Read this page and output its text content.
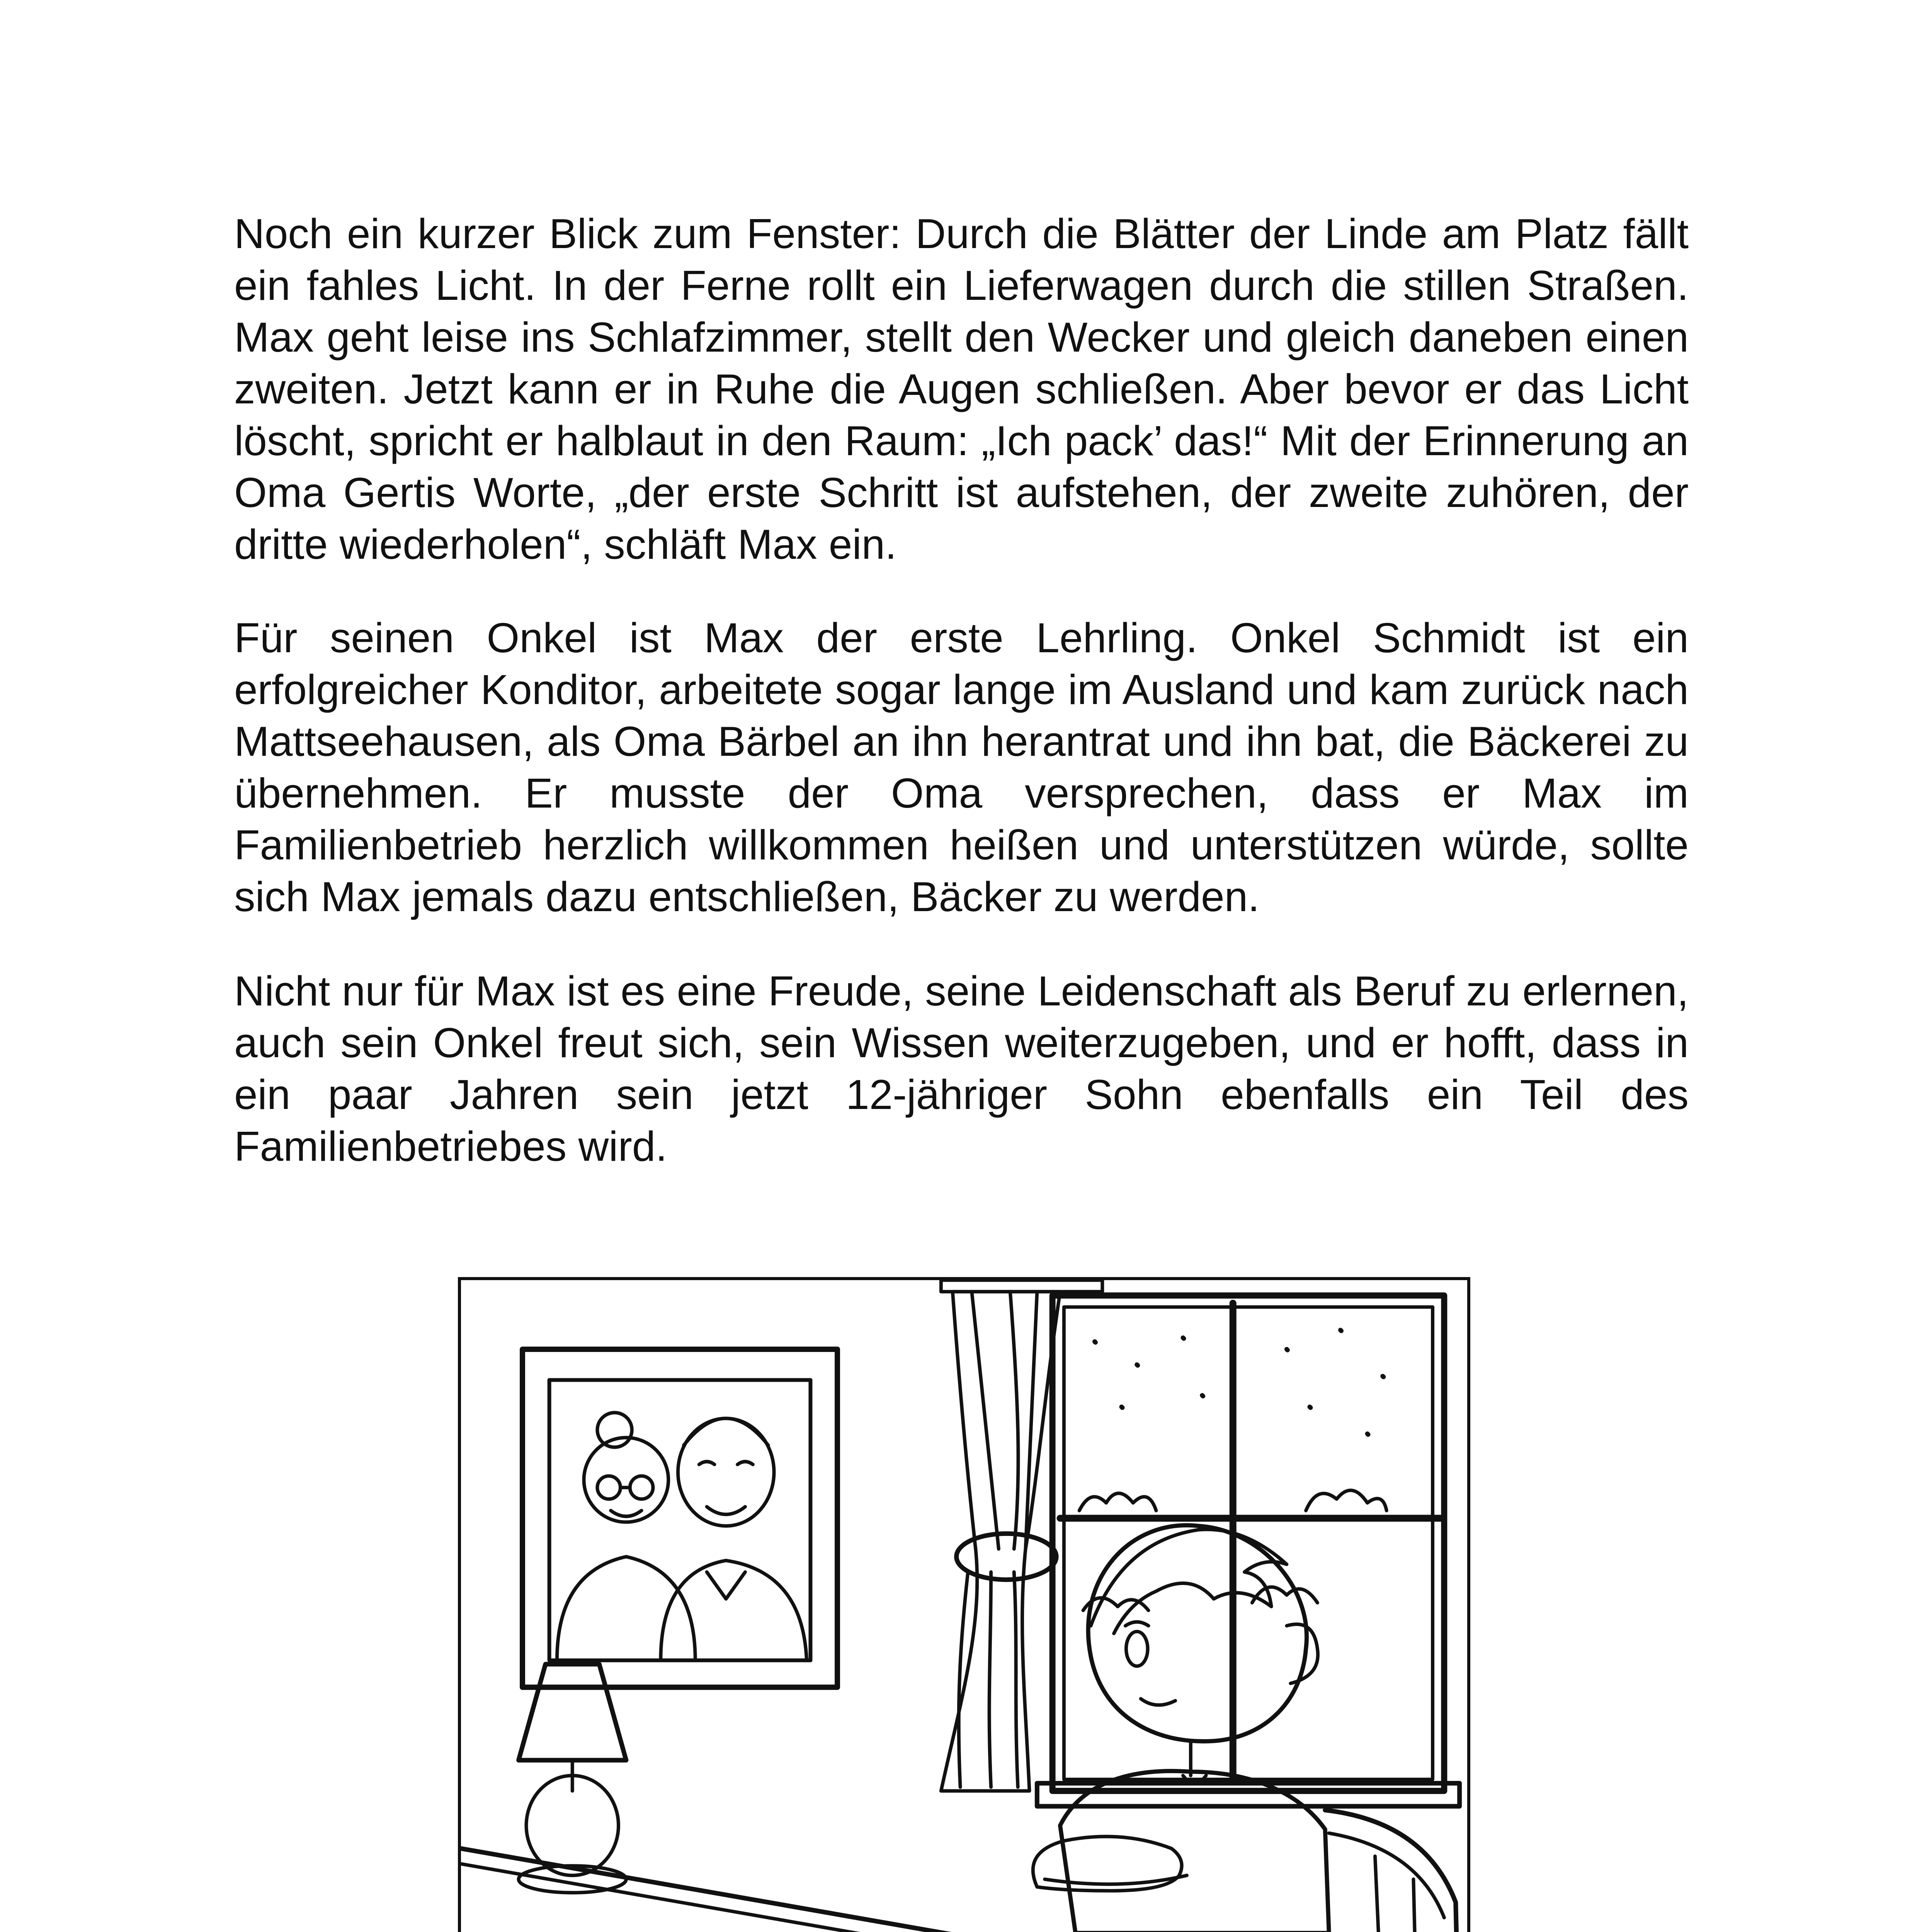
Noch ein kurzer Blick zum Fenster: Durch die Blätter der Linde am Platz fällt ein fahles Licht. In der Ferne rollt ein Lieferwagen durch die stillen Straßen. Max geht leise ins Schlafzimmer, stellt den Wecker und gleich daneben einen zweiten. Jetzt kann er in Ruhe die Augen schließen. Aber bevor er das Licht löscht, spricht er halblaut in den Raum: „Ich pack’ das!“ Mit der Erinnerung an Oma Gertis Worte, „der erste Schritt ist aufstehen, der zweite zuhören, der dritte wiederholen“, schläft Max ein.

Für seinen Onkel ist Max der erste Lehrling. Onkel Schmidt ist ein erfolgreicher Konditor, arbeitete sogar lange im Ausland und kam zurück nach Mattseehausen, als Oma Bärbel an ihn herantrat und ihn bat, die Bäckerei zu übernehmen. Er musste der Oma versprechen, dass er Max im Familienbetrieb herzlich willkommen heißen und unterstützen würde, sollte sich Max jemals dazu entschließen, Bäcker zu werden.

Nicht nur für Max ist es eine Freude, seine Leidenschaft als Beruf zu erlernen, auch sein Onkel freut sich, sein Wissen weiterzugeben, und er hofft, dass in ein paar Jahren sein jetzt 12-jähriger Sohn ebenfalls ein Teil des Familienbetriebes wird.
